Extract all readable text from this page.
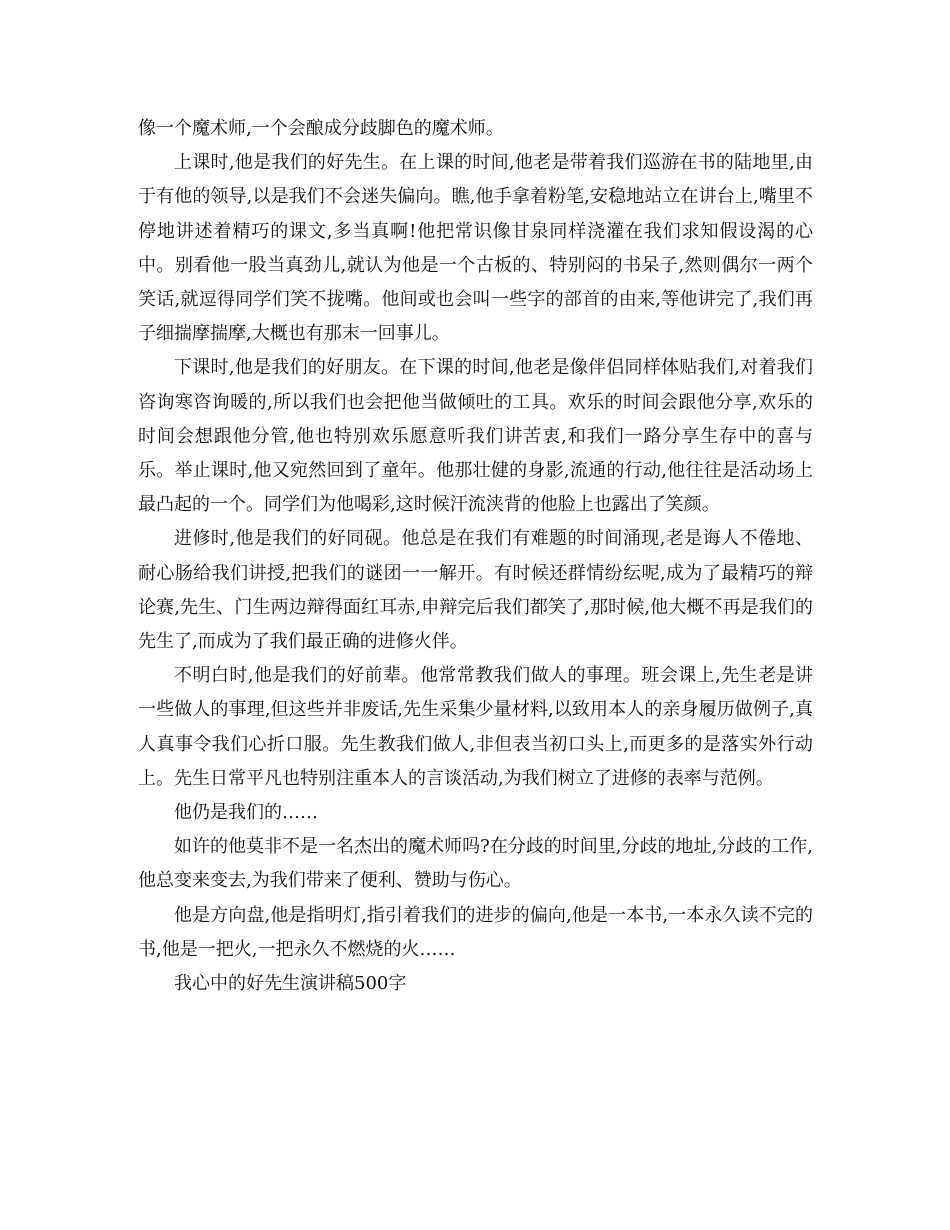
像一个魔术师,一个会酿成分歧脚色的魔术师。

上课时,他是我们的好先生。在上课的时间,他老是带着我们巡游在书的陆地里,由于有他的领导,以是我们不会迷失偏向。瞧,他手拿着粉笔,安稳地站立在讲台上,嘴里不停地讲述着精巧的课文,多当真啊!他把常识像甘泉同样浇灌在我们求知假设渴的心中。别看他一股当真劲儿,就认为他是一个古板的、特别闷的书呆子,然则偶尔一两个笑话,就逗得同学们笑不拢嘴。他间或也会叫一些字的部首的由来,等他讲完了,我们再子细揣摩揣摩,大概也有那末一回事儿。

下课时,他是我们的好朋友。在下课的时间,他老是像伴侣同样体贴我们,对着我们咨询寒咨询暖的,所以我们也会把他当做倾吐的工具。欢乐的时间会跟他分享,欢乐的时间会想跟他分管,他也特别欢乐愿意听我们讲苦衷,和我们一路分享生存中的喜与乐。举止课时,他又宛然回到了童年。他那壮健的身影,流通的行动,他往往是活动场上最凸起的一个。同学们为他喝彩,这时候汗流浃背的他脸上也露出了笑颜。

进修时,他是我们的好同砚。他总是在我们有难题的时间涌现,老是诲人不倦地、耐心肠给我们讲授,把我们的谜团一一解开。有时候还群情纷纭呢,成为了最精巧的辩论赛,先生、门生两边辩得面红耳赤,申辩完后我们都笑了,那时候,他大概不再是我们的先生了,而成为了我们最正确的进修火伴。

不明白时,他是我们的好前辈。他常常教我们做人的事理。班会课上,先生老是讲一些做人的事理,但这些并非废话,先生采集少量材料,以致用本人的亲身履历做例子,真人真事令我们心折口服。先生教我们做人,非但表当初口头上,而更多的是落实外行动上。先生日常平凡也特别注重本人的言谈活动,为我们树立了进修的表率与范例。

他仍是我们的……

如许的他莫非不是一名杰出的魔术师吗?在分歧的时间里,分歧的地址,分歧的工作,他总变来变去,为我们带来了便利、赞助与伤心。

他是方向盘,他是指明灯,指引着我们的进步的偏向,他是一本书,一本永久读不完的书,他是一把火,一把永久不燃烧的火……

我心中的好先生演讲稿500字
